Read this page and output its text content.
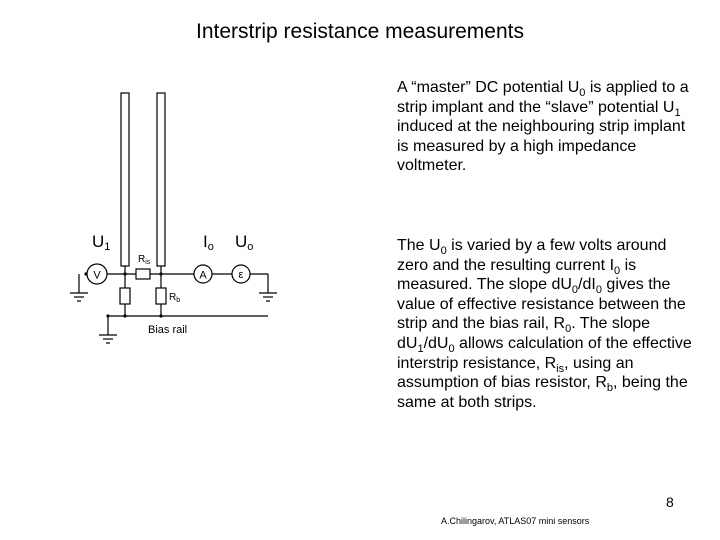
Interstrip resistance measurements
V	A	ε
U1	Io Uo
$R_{is}$
$R_b$
Bias rail
A “master” DC potential $U_0$ is applied to a strip implant and the “slave” potential $U_1$ induced at the neighbouring strip implant is measured by a high impedance voltmeter.
The $U_0$ is varied by a few volts around zero and the resulting current $I_0$ is measured. The slope $dU_0/dI_0$ gives the value of effective resistance between the strip and the bias rail, $R_0$. The slope $dU_1/dU_0$ allows calculation of the effective interstrip resistance, $R_{is}$, using an assumption of bias resistor, $R_b$, being the same at both strips.
8
A.Chilingarov, ATLAS07 mini sensors
